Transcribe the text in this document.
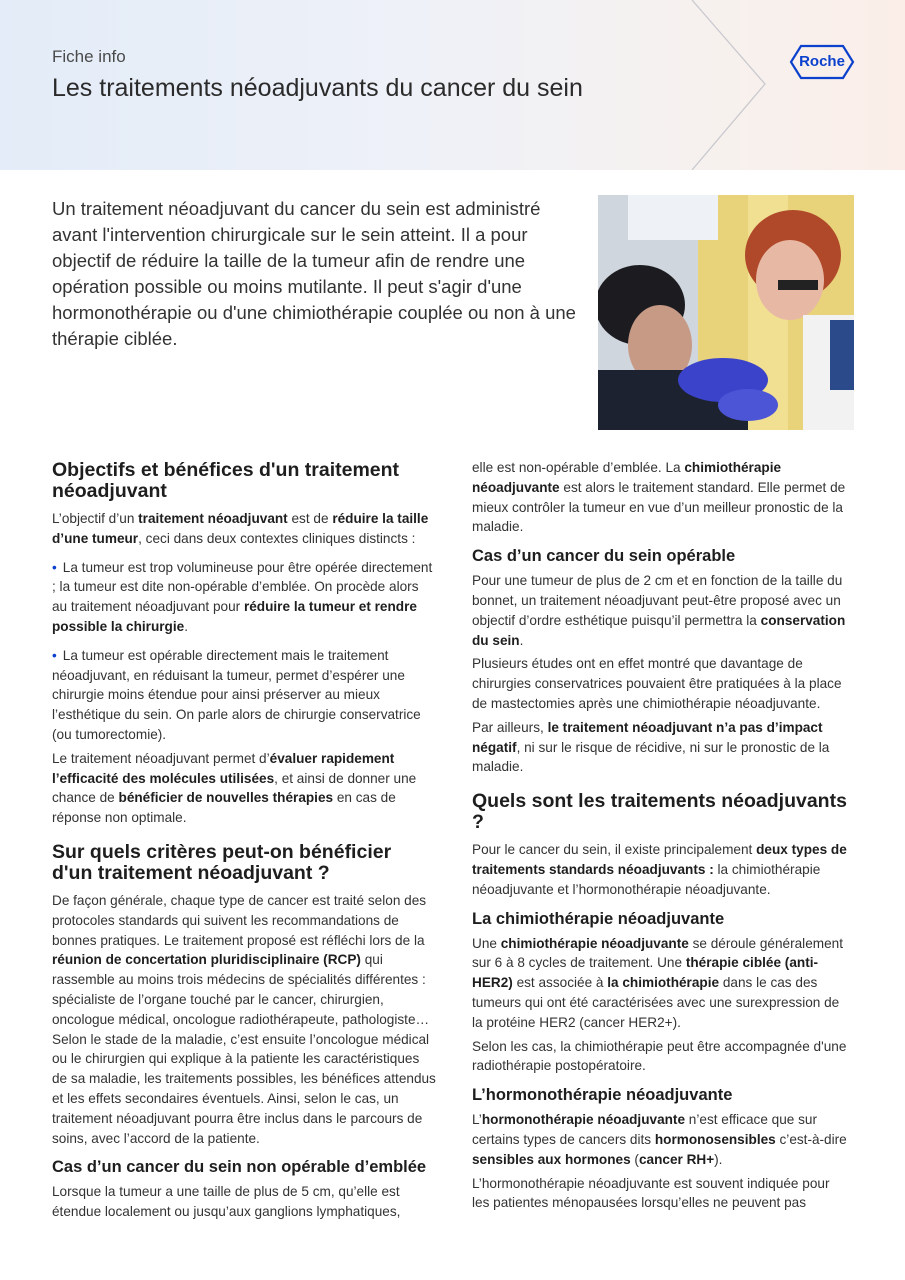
Fiche info
Les traitements néoadjuvants du cancer du sein
Roche

Un traitement néoadjuvant du cancer du sein est administré avant l'intervention chirurgicale sur le sein atteint. Il a pour objectif de réduire la taille de la tumeur afin de rendre une opération possible ou moins mutilante. Il peut s'agir d'une hormonothérapie ou d'une chimiothérapie couplée ou non à une thérapie ciblée.

Objectifs et bénéfices d'un traitement néoadjuvant

L’objectif d’un traitement néoadjuvant est de réduire la taille d’une tumeur, ceci dans deux contextes cliniques distincts :

• La tumeur est trop volumineuse pour être opérée directement ; la tumeur est dite non-opérable d’emblée. On procède alors au traitement néoadjuvant pour réduire la tumeur et rendre possible la chirurgie.

• La tumeur est opérable directement mais le traitement néoadjuvant, en réduisant la tumeur, permet d’espérer une chirurgie moins étendue pour ainsi préserver au mieux l’esthétique du sein. On parle alors de chirurgie conservatrice (ou tumorectomie).

Le traitement néoadjuvant permet d’évaluer rapidement l’efficacité des molécules utilisées, et ainsi de donner une chance de bénéficier de nouvelles thérapies en cas de réponse non optimale.

Sur quels critères peut-on bénéficier d'un traitement néoadjuvant ?

De façon générale, chaque type de cancer est traité selon des protocoles standards qui suivent les recommandations de bonnes pratiques. Le traitement proposé est réfléchi lors de la réunion de concertation pluridisciplinaire (RCP) qui rassemble au moins trois médecins de spécialités différentes : spécialiste de l’organe touché par le cancer, chirurgien, oncologue médical, oncologue radiothérapeute, pathologiste… Selon le stade de la maladie, c’est ensuite l’oncologue médical ou le chirurgien qui explique à la patiente les caractéristiques de sa maladie, les traitements possibles, les bénéfices attendus et les effets secondaires éventuels. Ainsi, selon le cas, un traitement néoadjuvant pourra être inclus dans le parcours de soins, avec l’accord de la patiente.

Cas d’un cancer du sein non opérable d’emblée

Lorsque la tumeur a une taille de plus de 5 cm, qu’elle est étendue localement ou jusqu’aux ganglions lymphatiques,

elle est non-opérable d’emblée. La chimiothérapie néoadjuvante est alors le traitement standard. Elle permet de mieux contrôler la tumeur en vue d’un meilleur pronostic de la maladie.

Cas d’un cancer du sein opérable

Pour une tumeur de plus de 2 cm et en fonction de la taille du bonnet, un traitement néoadjuvant peut-être proposé avec un objectif d’ordre esthétique puisqu’il permettra la conservation du sein.

Plusieurs études ont en effet montré que davantage de chirurgies conservatrices pouvaient être pratiquées à la place de mastectomies après une chimiothérapie néoadjuvante.

Par ailleurs, le traitement néoadjuvant n’a pas d’impact négatif, ni sur le risque de récidive, ni sur le pronostic de la maladie.

Quels sont les traitements néoadjuvants ?

Pour le cancer du sein, il existe principalement deux types de traitements standards néoadjuvants : la chimiothérapie néoadjuvante et l’hormonothérapie néoadjuvante.

La chimiothérapie néoadjuvante

Une chimiothérapie néoadjuvante se déroule généralement sur 6 à 8 cycles de traitement. Une thérapie ciblée (anti-HER2) est associée à la chimiothérapie dans le cas des tumeurs qui ont été caractérisées avec une surexpression de la protéine HER2 (cancer HER2+).

Selon les cas, la chimiothérapie peut être accompagnée d'une radiothérapie postopératoire.

L’hormonothérapie néoadjuvante

L’hormonothérapie néoadjuvante n’est efficace que sur certains types de cancers dits hormonosensibles c’est-à-dire sensibles aux hormones (cancer RH+).

L’hormonothérapie néoadjuvante est souvent indiquée pour les patientes ménopausées lorsqu’elles ne peuvent pas
